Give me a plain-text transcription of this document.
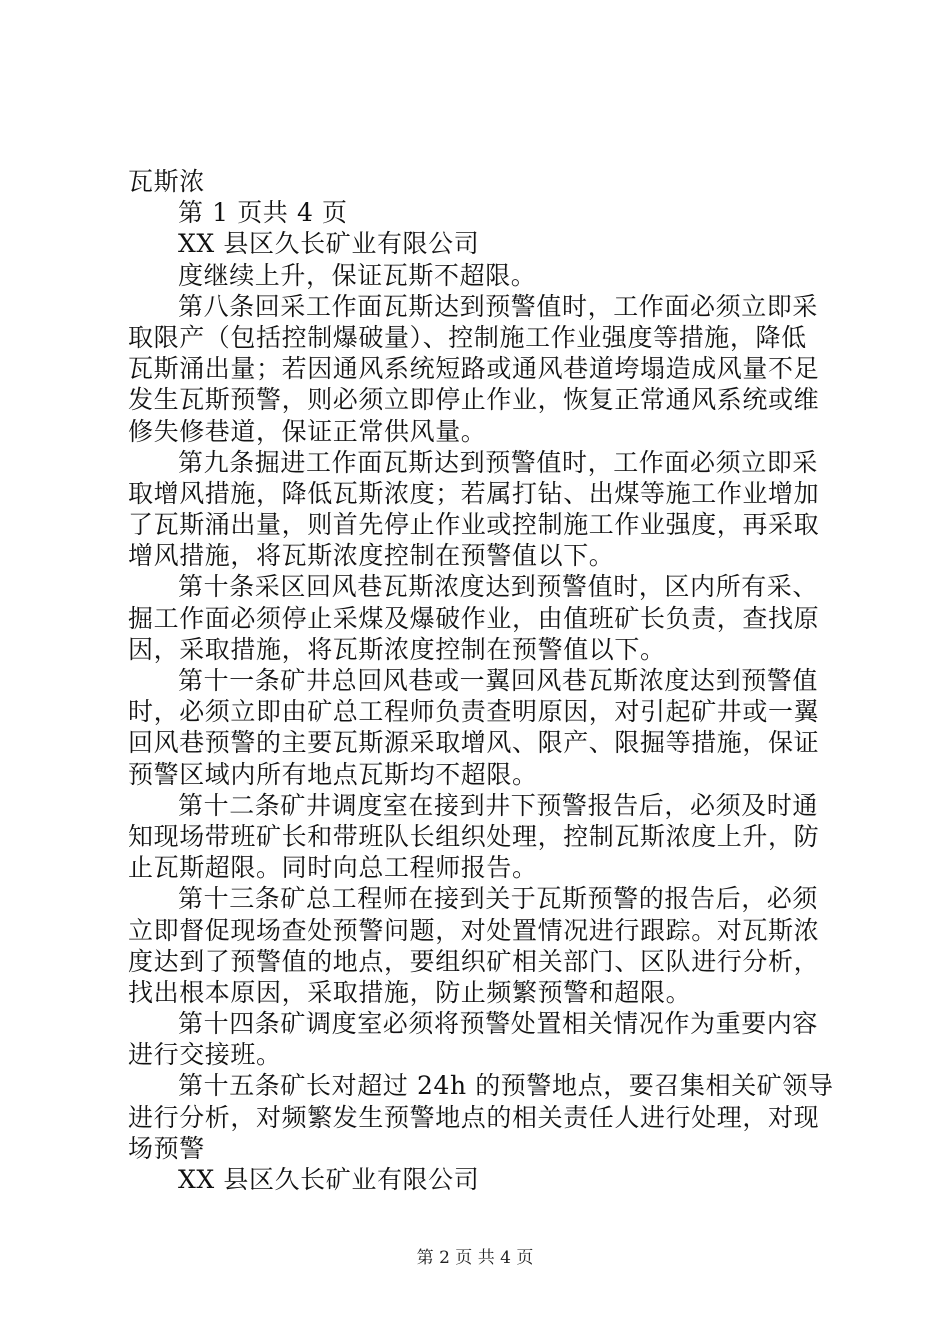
瓦斯浓
第 1 页共 4 页
XX 县区久长矿业有限公司
度继续上升，保证瓦斯不超限。
第八条回采工作面瓦斯达到预警值时，工作面必须立即采
取限产（包括控制爆破量）、控制施工作业强度等措施，降低
瓦斯涌出量；若因通风系统短路或通风巷道垮塌造成风量不足
发生瓦斯预警，则必须立即停止作业，恢复正常通风系统或维
修失修巷道，保证正常供风量。
第九条掘进工作面瓦斯达到预警值时，工作面必须立即采
取增风措施，降低瓦斯浓度；若属打钻、出煤等施工作业增加
了瓦斯涌出量，则首先停止作业或控制施工作业强度，再采取
增风措施，将瓦斯浓度控制在预警值以下。
第十条采区回风巷瓦斯浓度达到预警值时，区内所有采、
掘工作面必须停止采煤及爆破作业，由值班矿长负责，查找原
因，采取措施，将瓦斯浓度控制在预警值以下。
第十一条矿井总回风巷或一翼回风巷瓦斯浓度达到预警值
时，必须立即由矿总工程师负责查明原因，对引起矿井或一翼
回风巷预警的主要瓦斯源采取增风、限产、限掘等措施，保证
预警区域内所有地点瓦斯均不超限。
第十二条矿井调度室在接到井下预警报告后，必须及时通
知现场带班矿长和带班队长组织处理，控制瓦斯浓度上升，防
止瓦斯超限。同时向总工程师报告。
第十三条矿总工程师在接到关于瓦斯预警的报告后，必须
立即督促现场查处预警问题，对处置情况进行跟踪。对瓦斯浓
度达到了预警值的地点，要组织矿相关部门、区队进行分析，
找出根本原因，采取措施，防止频繁预警和超限。
第十四条矿调度室必须将预警处置相关情况作为重要内容
进行交接班。
第十五条矿长对超过 24h 的预警地点，要召集相关矿领导
进行分析，对频繁发生预警地点的相关责任人进行处理，对现
场预警
XX 县区久长矿业有限公司
第 2 页 共 4 页
